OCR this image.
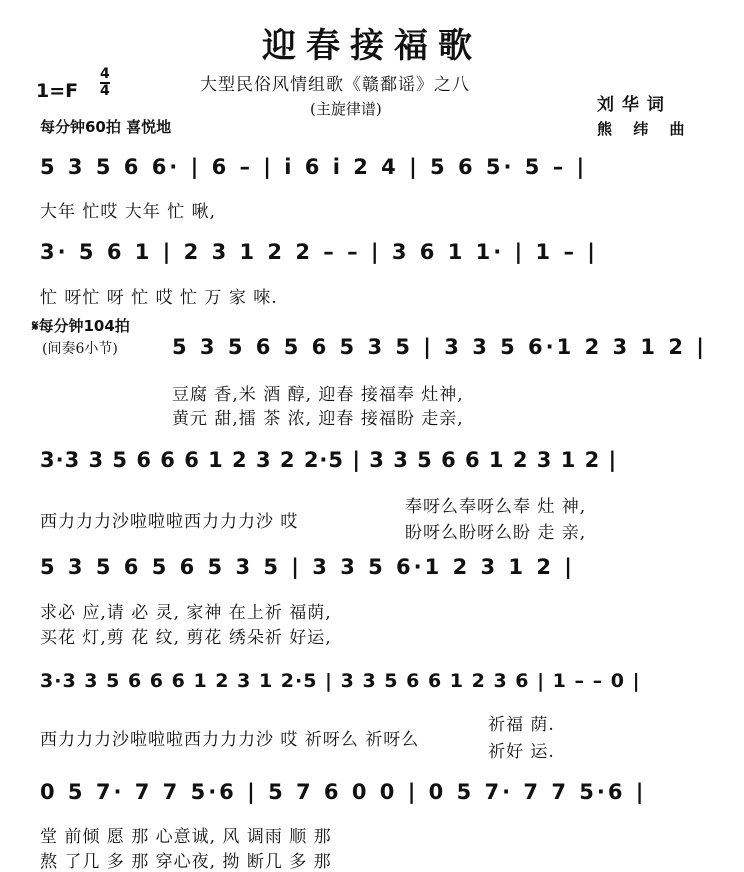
迎春接福歌
大型民俗风情组歌《赣鄱谣》之八
(主旋律谱)
1=F
4
4
每分钟60拍 喜悦地
刘 华 词
熊 纬 曲
5 3 5 6 6· | 6 – | i 6 i 2 4 | 5 6 5· 5 – |
大年 忙哎 大年 忙 啾,
3· 5 6 1 | 2 3 1 2 2 – – | 3 6 1 1· | 1 – |
忙 呀忙 呀 忙 哎 忙 万 家 唻.
𝄋每分钟104拍
(间奏6小节)	5 3 5 6 5 6 5 3 5 | 3 3 5 6·1 2 3 1 2 |
豆腐 香,米 酒 醇, 迎春 接福奉 灶神,
黄元 甜,擂 茶 浓, 迎春 接福盼 走亲,
3·3 3 5 6 6 6 1 2 3 2 2·5 | 3 3 5 6 6 1 2 3 1 2 |
西力力力沙啦啦啦西力力力沙 哎
奉呀么奉呀么奉 灶 神,
盼呀么盼呀么盼 走 亲,
5 3 5 6 5 6 5 3 5 | 3 3 5 6·1 2 3 1 2 |
求必 应,请 必 灵, 家神 在上祈 福荫,
买花 灯,剪 花 纹, 剪花 绣朵祈 好运,
3·3 3 5 6 6 6 1 2 3 1 2·5 | 3 3 5 6 6 1 2 3 6 | 1 – – 0 |
西力力力沙啦啦啦西力力力沙 哎 祈呀么 祈呀么
祈福 荫.
祈好 运.
0 5 7· 7 7 5·6 | 5 7 6 0 0 | 0 5 7· 7 7 5·6 |
堂 前倾 愿 那 心意诚, 风 调雨 顺 那
熬 了几 多 那 穿心夜, 拗 断几 多 那
